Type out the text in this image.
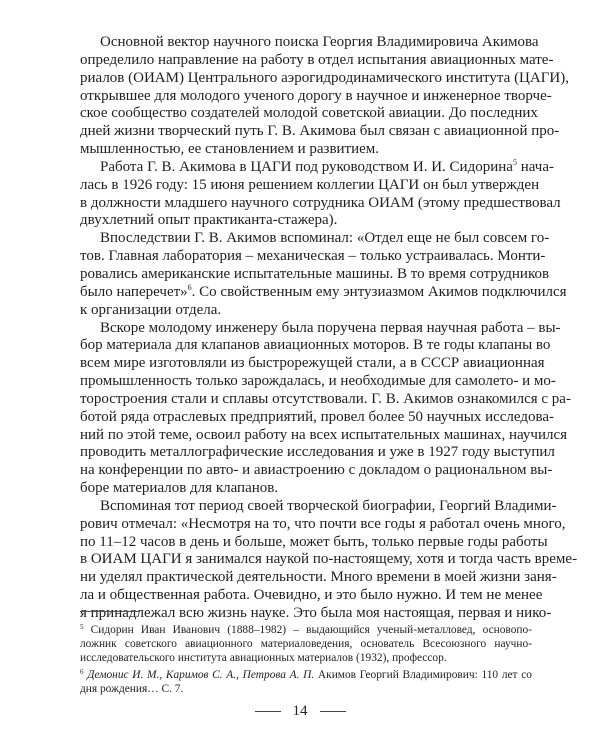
Основной вектор научного поиска Георгия Владимировича Акимова
определило направление на работу в отдел испытания авиационных мате-
риалов (ОИАМ) Центрального аэрогидродинамического института (ЦАГИ),
открывшее для молодого ученого дорогу в научное и инженерное творче-
ское сообщество создателей молодой советской авиации. До последних
дней жизни творческий путь Г. В. Акимова был связан с авиационной про-
мышленностью, ее становлением и развитием.
Работа Г. В. Акимова в ЦАГИ под руководством И. И. Сидорина$^5$ нача-
лась в 1926 году: 15 июня решением коллегии ЦАГИ он был утвержден
в должности младшего научного сотрудника ОИАМ (этому предшествовал
двухлетний опыт практиканта-стажера).
Впоследствии Г. В. Акимов вспоминал: «Отдел еще не был совсем го-
тов. Главная лаборатория – механическая – только устраивалась. Монти-
ровались американские испытательные машины. В то время сотрудников
было наперечет»$^6$. Со свойственным ему энтузиазмом Акимов подключился
к организации отдела.
Вскоре молодому инженеру была поручена первая научная работа – вы-
бор материала для клапанов авиационных моторов. В те годы клапаны во
всем мире изготовляли из быстрорежущей стали, а в СССР авиационная
промышленность только зарождалась, и необходимые для самолето- и мо-
торостроения стали и сплавы отсутствовали. Г. В. Акимов ознакомился с ра-
ботой ряда отраслевых предприятий, провел более 50 научных исследова-
ний по этой теме, освоил работу на всех испытательных машинах, научился
проводить металлографические исследования и уже в 1927 году выступил
на конференции по авто- и авиастроению с докладом о рациональном вы-
боре материалов для клапанов.
Вспоминая тот период своей творческой биографии, Георгий Владими-
рович отмечал: «Несмотря на то, что почти все годы я работал очень много,
по 11–12 часов в день и больше, может быть, только первые годы работы
в ОИАМ ЦАГИ я занимался наукой по-настоящему, хотя и тогда часть време-
ни уделял практической деятельности. Много времени в моей жизни заня-
ла и общественная работа. Очевидно, и это было нужно. И тем не менее
я принадлежал всю жизнь науке. Это была моя настоящая, первая и нико-
$^5$ Сидорин Иван Иванович (1888–1982) – выдающийся ученый-металловед, основопо-
ложник советского авиационного материаловедения, основатель Всесоюзного научно-
исследовательского института авиационных материалов (1932), профессор.
$^6$ Демонис И. М., Каримов С. А., Петрова А. П. Акимов Георгий Владимирович: 110 лет со
дня рождения… С. 7.
14
